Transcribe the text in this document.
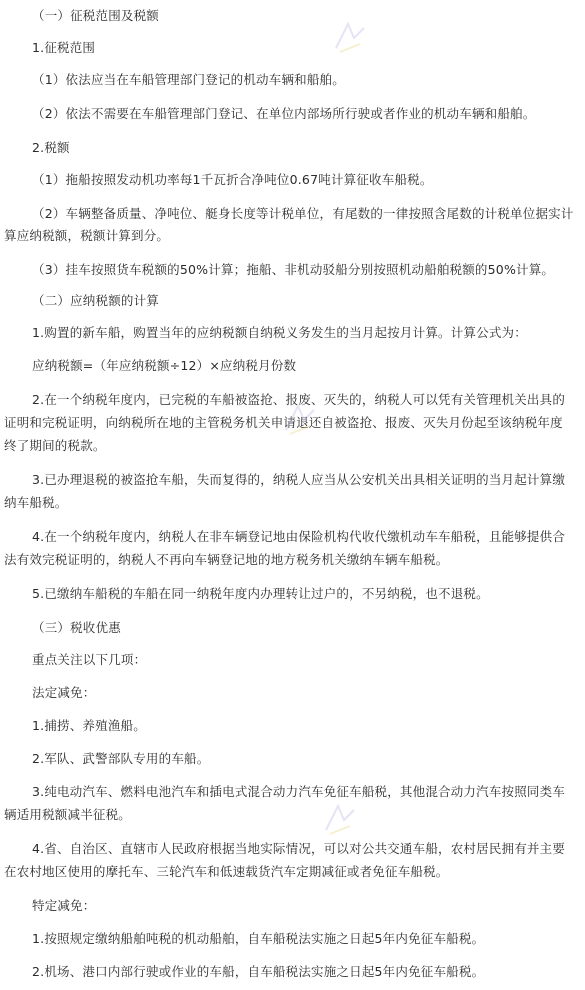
（一）征税范围及税额
1.征税范围
（1）依法应当在车船管理部门登记的机动车辆和船舶。
（2）依法不需要在车船管理部门登记、在单位内部场所行驶或者作业的机动车辆和船舶。
2.税额
（1）拖船按照发动机功率每1千瓦折合净吨位0.67吨计算征收车船税。
（2）车辆整备质量、净吨位、艇身长度等计税单位，有尾数的一律按照含尾数的计税单位据实计
算应纳税额，税额计算到分。
（3）挂车按照货车税额的50%计算；拖船、非机动驳船分别按照机动船舶税额的50%计算。
（二）应纳税额的计算
1.购置的新车船，购置当年的应纳税额自纳税义务发生的当月起按月计算。计算公式为：
应纳税额=（年应纳税额÷12）×应纳税月份数
2.在一个纳税年度内，已完税的车船被盗抢、报废、灭失的，纳税人可以凭有关管理机关出具的
证明和完税证明，向纳税所在地的主管税务机关申请退还自被盗抢、报废、灭失月份起至该纳税年度
终了期间的税款。
3.已办理退税的被盗抢车船，失而复得的，纳税人应当从公安机关出具相关证明的当月起计算缴
纳车船税。
4.在一个纳税年度内，纳税人在非车辆登记地由保险机构代收代缴机动车车船税，且能够提供合
法有效完税证明的，纳税人不再向车辆登记地的地方税务机关缴纳车辆车船税。
5.已缴纳车船税的车船在同一纳税年度内办理转让过户的，不另纳税，也不退税。
（三）税收优惠
重点关注以下几项：
法定减免：
1.捕捞、养殖渔船。
2.军队、武警部队专用的车船。
3.纯电动汽车、燃料电池汽车和插电式混合动力汽车免征车船税，其他混合动力汽车按照同类车
辆适用税额减半征税。
4.省、自治区、直辖市人民政府根据当地实际情况，可以对公共交通车船，农村居民拥有并主要
在农村地区使用的摩托车、三轮汽车和低速载货汽车定期减征或者免征车船税。
特定减免：
1.按照规定缴纳船舶吨税的机动船舶，自车船税法实施之日起5年内免征车船税。
2.机场、港口内部行驶或作业的车船，自车船税法实施之日起5年内免征车船税。
